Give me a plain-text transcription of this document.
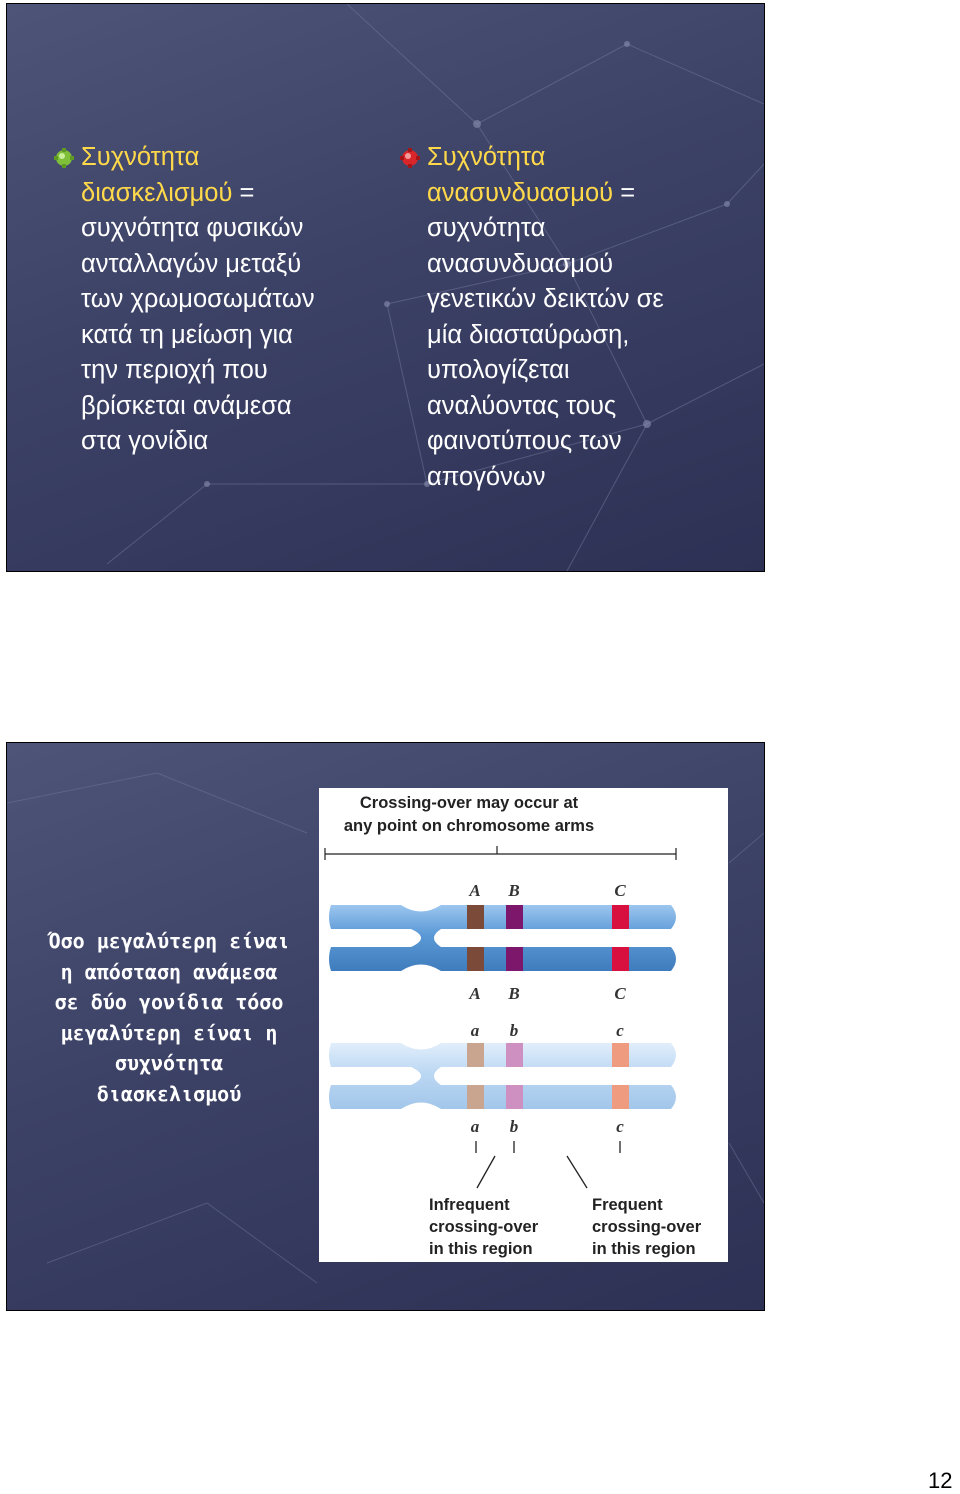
Συχνότητα
διασκελισμού =
συχνότητα φυσικών
ανταλλαγών μεταξύ
των χρωμοσωμάτων
κατά τη μείωση για
την περιοχή που
βρίσκεται ανάμεσα
στα γονίδια
Συχνότητα
ανασυνδυασμού =
συχνότητα
ανασυνδυασμού
γενετικών δεικτών σε
μία διασταύρωση,
υπολογίζεται
αναλύοντας τους
φαινοτύπους των
απογόνων
Όσο μεγαλύτερη είναι
η απόσταση ανάμεσα
σε δύο γονίδια τόσο
μεγαλύτερη είναι η
συχνότητα
διασκελισμού
Crossing-over may occur at
any point on chromosome arms
A B	C
A B	C
a b	c
a b	c
Infrequent
crossing-over
in this region
Frequent
crossing-over
in this region
12
